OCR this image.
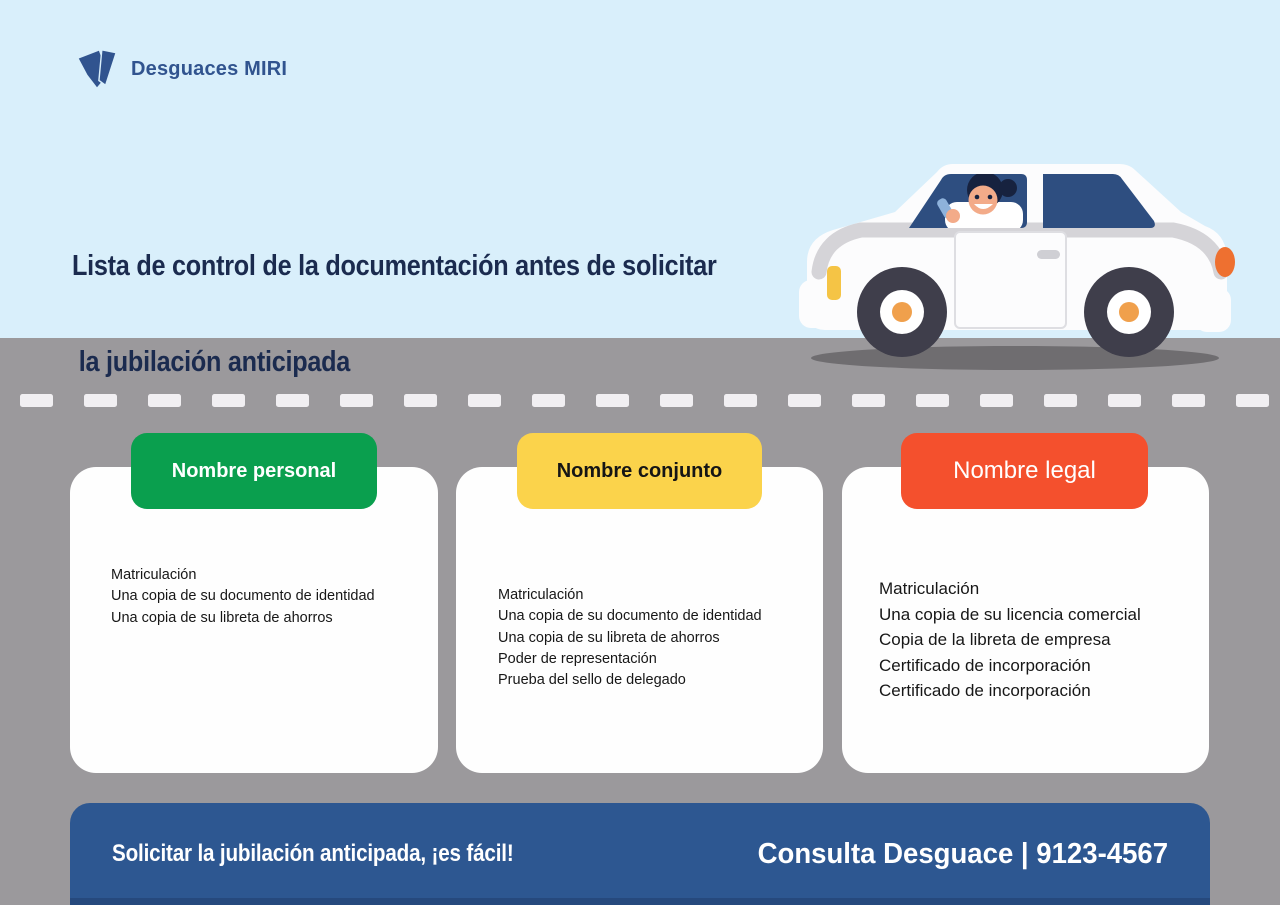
Desguaces MIRI

Lista de control de la documentación antes de solicitar

la jubilación anticipada

Matriculación
Una copia de su documento de identidad
Una copia de su libreta de ahorros
Matriculación
Una copia de su documento de identidad
Una copia de su libreta de ahorros
Poder de representación
Prueba del sello de delegado
Matriculación
Una copia de su licencia comercial
Copia de la libreta de empresa
Certificado de incorporación
Certificado de incorporación
Nombre personal	Nombre conjunto	Nombre legal
Solicitar la jubilación anticipada, ¡es fácil!	Consulta Desguace | 9123-4567
